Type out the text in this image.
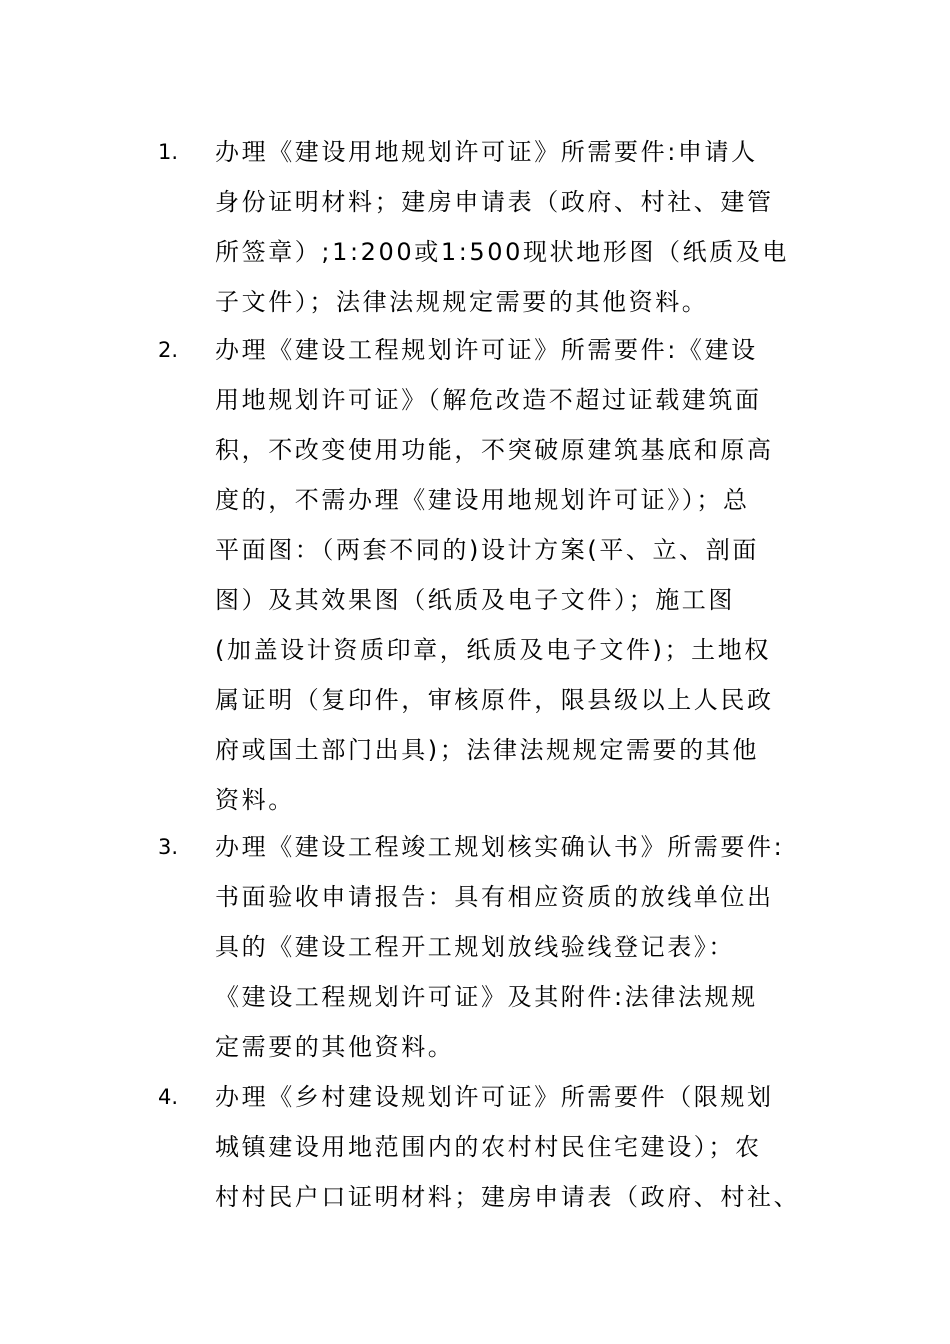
1. 办理《建设用地规划许可证》所需要件:申请人
身份证明材料；建房申请表（政府、村社、建管
所签章）;1:200或1:500现状地形图（纸质及电
子文件）；法律法规规定需要的其他资料。
2. 办理《建设工程规划许可证》所需要件:《建设
用地规划许可证》（解危改造不超过证载建筑面
积，不改变使用功能，不突破原建筑基底和原高
度的，不需办理《建设用地规划许可证》）；总
平面图：（两套不同的)设计方案(平、立、剖面
图）及其效果图（纸质及电子文件）；施工图
(加盖设计资质印章，纸质及电子文件)；土地权
属证明（复印件，审核原件，限县级以上人民政
府或国土部门出具)；法律法规规定需要的其他
资料。
3. 办理《建设工程竣工规划核实确认书》所需要件:
书面验收申请报告：具有相应资质的放线单位出
具的《建设工程开工规划放线验线登记表》：
《建设工程规划许可证》及其附件:法律法规规
定需要的其他资料。
4. 办理《乡村建设规划许可证》所需要件（限规划
城镇建设用地范围内的农村村民住宅建设）；农
村村民户口证明材料；建房申请表（政府、村社、
